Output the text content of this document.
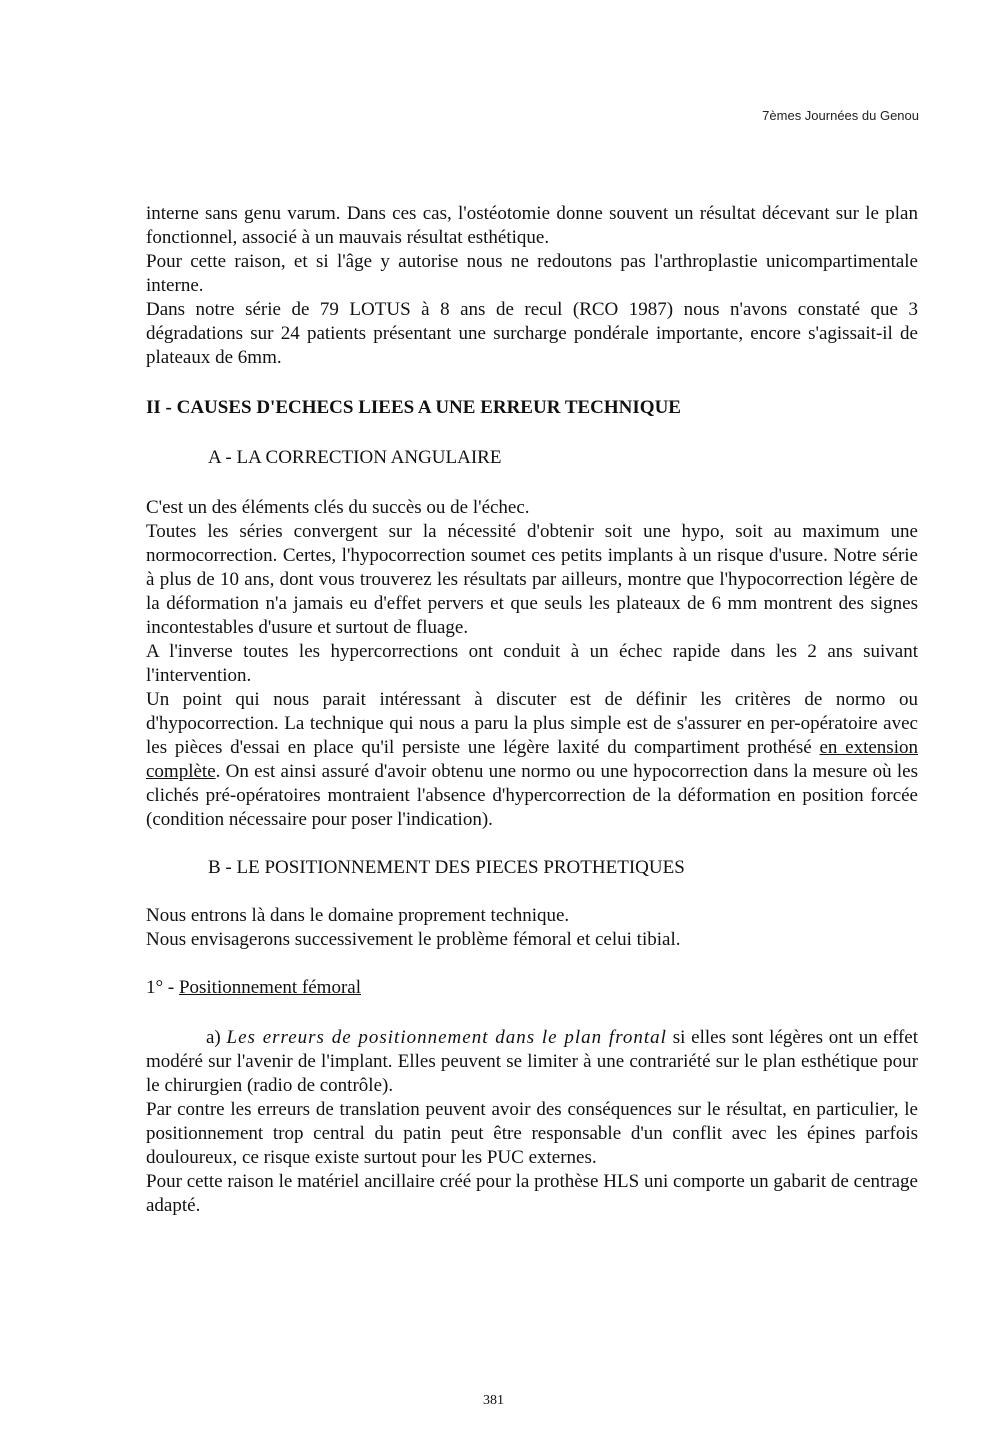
7èmes Journées du Genou

interne sans genu varum. Dans ces cas, l'ostéotomie donne souvent un résultat décevant sur le plan fonctionnel, associé à un mauvais résultat esthétique.

Pour cette raison, et si l'âge y autorise nous ne redoutons pas l'arthroplastie unicompartimentale interne.

Dans notre série de 79 LOTUS à 8 ans de recul (RCO 1987) nous n'avons constaté que 3 dégradations sur 24 patients présentant une surcharge pondérale importante, encore s'agissait-il de plateaux de 6mm.

II - CAUSES D'ECHECS LIEES A UNE ERREUR TECHNIQUE

A - LA CORRECTION ANGULAIRE

C'est un des éléments clés du succès ou de l'échec.

Toutes les séries convergent sur la nécessité d'obtenir soit une hypo, soit au maximum une normocorrection. Certes, l'hypocorrection soumet ces petits implants à un risque d'usure. Notre série à plus de 10 ans, dont vous trouverez les résultats par ailleurs, montre que l'hypocorrection légère de la déformation n'a jamais eu d'effet pervers et que seuls les plateaux de 6 mm montrent des signes incontestables d'usure et surtout de fluage.

A l'inverse toutes les hypercorrections ont conduit à un échec rapide dans les 2 ans suivant l'intervention.

Un point qui nous parait intéressant à discuter est de définir les critères de normo ou d'hypocorrection. La technique qui nous a paru la plus simple est de s'assurer en per-opératoire avec les pièces d'essai en place qu'il persiste une légère laxité du compartiment prothésé en extension complète. On est ainsi assuré d'avoir obtenu une normo ou une hypocorrection dans la mesure où les clichés pré-opératoires montraient l'absence d'hypercorrection de la déformation en position forcée (condition nécessaire pour poser l'indication).

B - LE POSITIONNEMENT DES PIECES PROTHETIQUES

Nous entrons là dans le domaine proprement technique.

Nous envisagerons successivement le problème fémoral et celui tibial.

1° - Positionnement fémoral

a) Les erreurs de positionnement dans le plan frontal si elles sont légères ont un effet modéré sur l'avenir de l'implant. Elles peuvent se limiter à une contrariété sur le plan esthétique pour le chirurgien (radio de contrôle).

Par contre les erreurs de translation peuvent avoir des conséquences sur le résultat, en particulier, le positionnement trop central du patin peut être responsable d'un conflit avec les épines parfois douloureux, ce risque existe surtout pour les PUC externes.

Pour cette raison le matériel ancillaire créé pour la prothèse HLS uni comporte un gabarit de centrage adapté.

381
